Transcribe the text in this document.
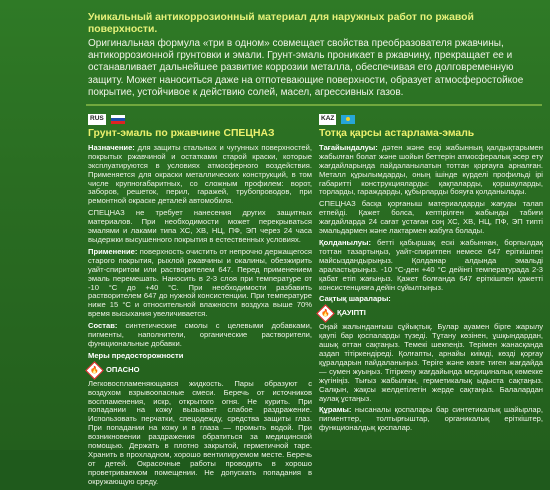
Уникальный антикоррозионный материал для наружных работ по ржавой поверхности.
Оригинальная формула «три в одном» совмещает свойства преобразователя ржавчины, антикоррозионной грунтовки и эмали. Грунт-эмаль проникает в ржавчину, прекращает ее и останавливает дальнейшее развитие коррозии металла, обеспечивая его долговременную защиту. Может наноситься даже на отпотевающие поверхности, образует атмосферостойкое покрытие, устойчивое к действию солей, масел, агрессивных газов.
RUS
Грунт-эмаль по ржавчине СПЕЦНАЗ

Назначение: для защиты стальных и чугунных поверхностей, покрытых ржавчиной и остатками старой краски, которые эксплуатируются в условиях атмосферного воздействия. Применяется для окраски металлических конструкций, в том числе крупногабаритных, со сложным профилем: ворот, заборов, решеток, перил, гаражей, трубопроводов, при ремонтной окраске деталей автомобиля.

СПЕЦНАЗ не требует нанесения других защитных материалов. При необходимости может перекрываться эмалями и лаками типа ХС, ХВ, НЦ, ПФ, ЭП через 24 часа выдержки высушенного покрытия в естественных условиях.

Применение: поверхность очистить от непрочно держащегося старого покрытия, рыхлой ржавчины и окалины, обезжирить уайт-спиритом или растворителем 647. Перед применением эмаль перемешать. Наносить в 2-3 слоя при температуре от -10 °С до +40 °С. При необходимости разбавить растворителем 647 до нужной консистенции. При температуре ниже 15 °С и относительной влажности воздуха выше 70% время высыхания увеличивается.

Состав: синтетические смолы с целевыми добавками, пигменты, наполнители, органические растворители, функциональные добавки.

Меры предосторожности
🔥 ОПАСНО

Легковоспламеняющаяся жидкость. Пары образуют с воздухом взрывоопасные смеси. Беречь от источников воспламенения, искр, открытого огня. Не курить. При попадании на кожу вызывает слабое раздражение. Использовать перчатки, спецодежду, средства защиты глаз. При попадании на кожу и в глаза — промыть водой. При возникновении раздражения обратиться за медицинской помощью. Держать в плотно закрытой, герметичной таре. Хранить в прохладном, хорошо вентилируемом месте. Беречь от детей. Окрасочные работы проводить в хорошо проветриваемом помещении. Не допускать попадания в окружающую среду.

KAZ
Тотқа қарсы астарлама-эмаль

Тағайындалуы: дәтен және есқі жабынның қалдықтарымен жабылған болат және шойын беттерін атмосфералық әсер ету жағдайларында пайдаланылатын тоттан қорғауға арналған. Металл құрылымдарды, оның ішінде күрделі профильді ірі габаритті конструкцияларды: қақпаларды, қоршауларды, торларды, гараждарды, құбырларды бояуға қолданылады.

СПЕЦНАЗ басқа қорғаныш материалдарды жағуды талап етпейді. Қажет болса, кептірілген жабынды табиғи жағдайларда 24 сағат ұстаған соң ХС, ХВ, НЦ, ПФ, ЭП типті эмальдармен және лактармен жабуға болады.

Қолданылуы: бетті қабыршақ ескі жабыннан, борпылдақ тоттан тазартыңыз, уайт-спиритпен немесе 647 еріткішпен майсыздандырыңыз. Қолданар алдында эмальді араластырыңыз. -10 °С-ден +40 °С дейінгі температурада 2-3 қабат етіп жағыңыз. Қажет болғанда 647 еріткішпен қажетті консистенцияға дейін сұйылтыңыз.

Сақтық шаралары:
🔥 ҚАУІПТІ

Оңай жалынданғыш сұйықтық. Булар ауамен бірге жарылу қаупі бар қоспаларды түзеді. Тұтану көзінен, ұшқындардан, ашық оттан сақтаңыз. Темекі шекпеңіз. Терімен жанасқанда аздап тітіркендіреді. Қолғапты, арнайы киімді, көзді қорғау құралдарын пайдаланыңыз. Теріге және көзге тиген жағдайда — сумен жуыңыз. Тітіркену жағдайында медициналық көмекке жүгініңіз. Тығыз жабылған, герметикалық ыдыста сақтаңыз. Салқын, жақсы желдетілетін жерде сақтаңыз. Балалардан аулақ ұстаңыз.

Құрамы: нысаналы қоспалары бар синтетикалық шайырлар, пигменттер, толтырғыштар, органикалық еріткіштер, функционалдық қоспалар.
